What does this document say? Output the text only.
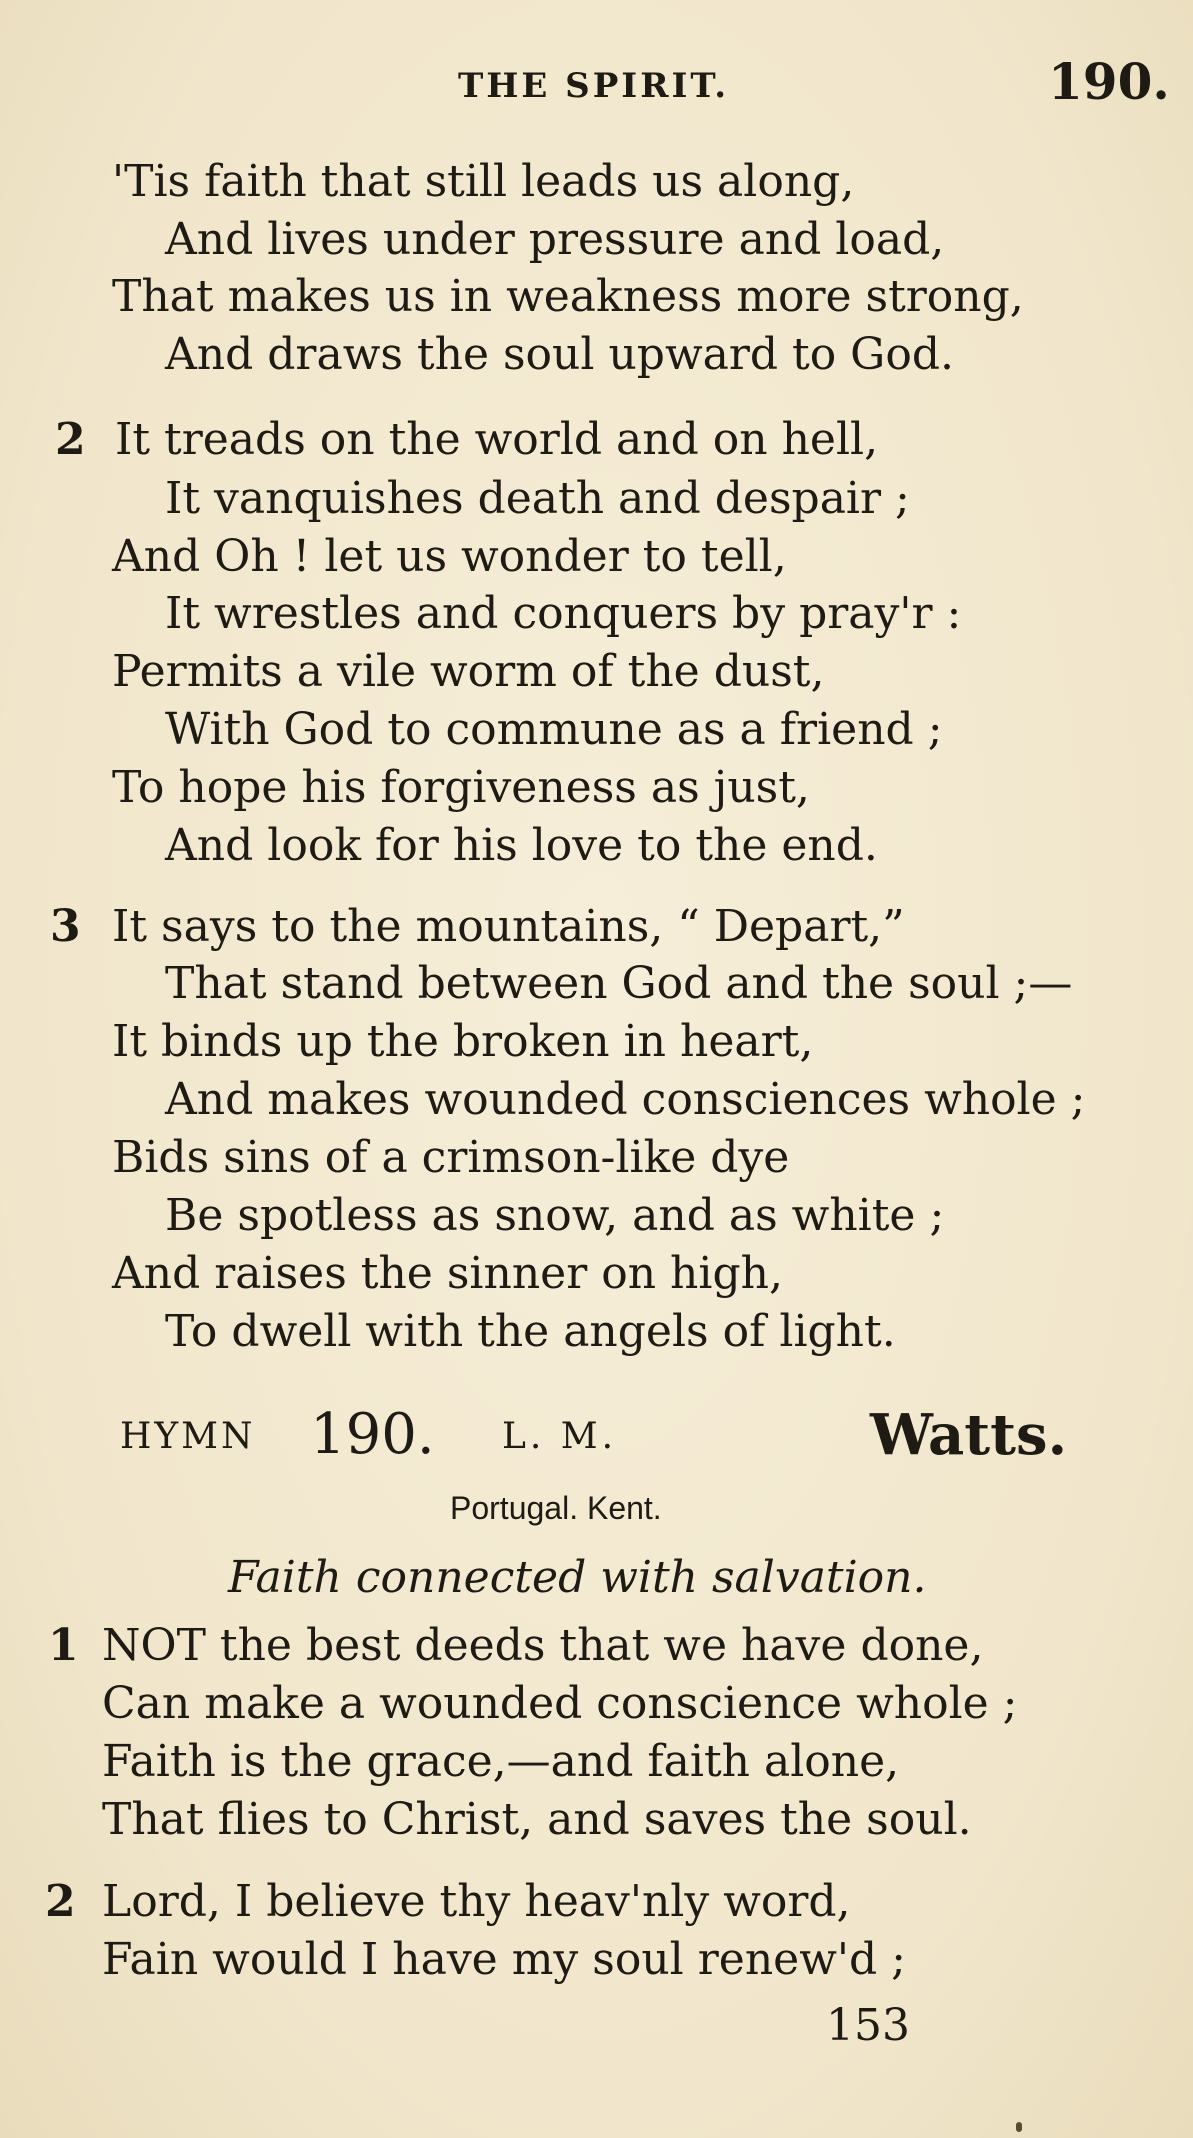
THE SPIRIT.	190.
'Tis faith that still leads us along,
And lives under pressure and load,
That makes us in weakness more strong,
And draws the soul upward to God.
2 It treads on the world and on hell,
It vanquishes death and despair ;
And Oh ! let us wonder to tell,
It wrestles and conquers by pray'r :
Permits a vile worm of the dust,
With God to commune as a friend ;
To hope his forgiveness as just,
And look for his love to the end.
3 It says to the mountains, “ Depart,”
That stand between God and the soul ;—
It binds up the broken in heart,
And makes wounded consciences whole ;
Bids sins of a crimson-like dye
Be spotless as snow, and as white ;
And raises the sinner on high,
To dwell with the angels of light.
HYMN 190. L. M.	Watts.
Portugal. Kent.
Faith connected with salvation.
1 NOT the best deeds that we have done,
Can make a wounded conscience whole ;
Faith is the grace,—and faith alone,
That flies to Christ, and saves the soul.
2 Lord, I believe thy heav'nly word,
Fain would I have my soul renew'd ;
153
